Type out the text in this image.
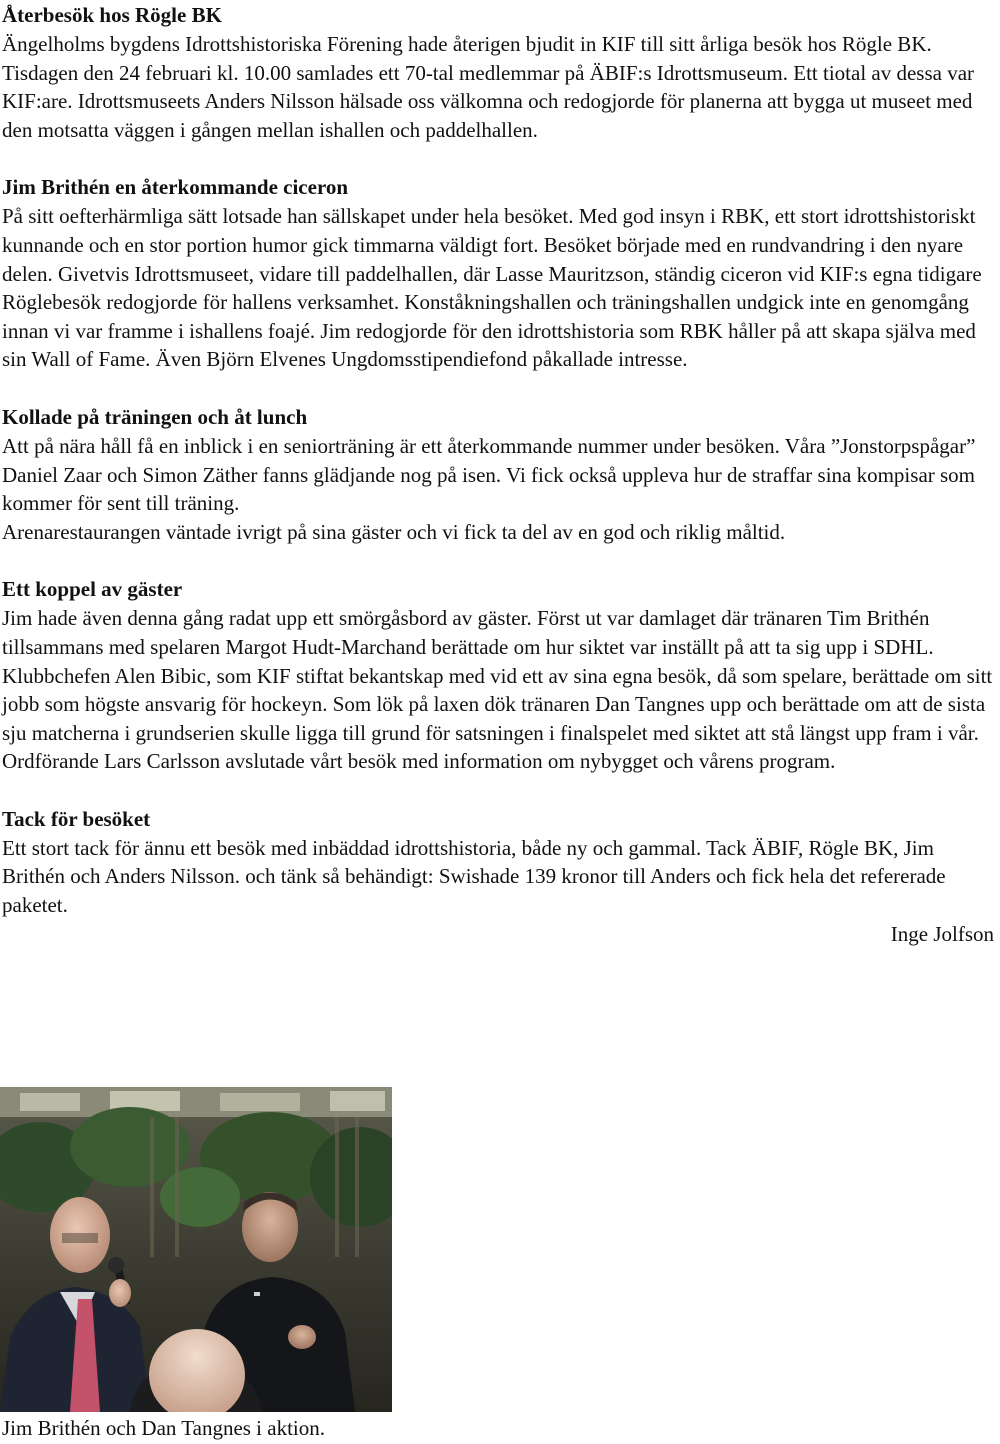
Återbesök hos Rögle BK

Ängelholms bygdens Idrottshistoriska Förening hade återigen bjudit in KIF till sitt årliga besök hos Rögle BK. Tisdagen den 24 februari kl. 10.00 samlades ett 70-tal medlemmar på ÄBIF:s Idrottsmuseum. Ett tiotal av dessa var KIF:are. Idrottsmuseets Anders Nilsson hälsade oss välkomna och redogjorde för planerna att bygga ut museet med den motsatta väggen i gången mellan ishallen och paddelhallen.

Jim Brithén en återkommande ciceron

På sitt oefterhärmliga sätt lotsade han sällskapet under hela besöket. Med god insyn i RBK, ett stort idrottshistoriskt kunnande och en stor portion humor gick timmarna väldigt fort. Besöket började med en rundvandring i den nyare delen. Givetvis Idrottsmuseet, vidare till paddelhallen, där Lasse Mauritzson, ständig ciceron vid KIF:s egna tidigare Röglebesök redogjorde för hallens verksamhet. Konståkningshallen och träningshallen undgick inte en genomgång innan vi var framme i ishallens foajé. Jim redogjorde för den idrottshistoria som RBK håller på att skapa själva med sin Wall of Fame. Även Björn Elvenes Ungdomsstipendiefond påkallade intresse.

Kollade på träningen och åt lunch

Att på nära håll få en inblick i en seniorträning är ett återkommande nummer under besöken. Våra ”Jonstorpspågar” Daniel Zaar och Simon Zäther fanns glädjande nog på isen. Vi fick också uppleva hur de straffar sina kompisar som kommer för sent till träning.

Arenarestaurangen väntade ivrigt på sina gäster och vi fick ta del av en god och riklig måltid.

Ett koppel av gäster

Jim hade även denna gång radat upp ett smörgåsbord av gäster. Först ut var damlaget där tränaren Tim Brithén tillsammans med spelaren Margot Hudt-Marchand berättade om hur siktet var inställt på att ta sig upp i SDHL.

Klubbchefen Alen Bibic, som KIF stiftat bekantskap med vid ett av sina egna besök, då som spelare, berättade om sitt jobb som högste ansvarig för hockeyn. Som lök på laxen dök tränaren Dan Tangnes upp och berättade om att de sista sju matcherna i grundserien skulle ligga till grund för satsningen i finalspelet med siktet att stå längst upp fram i vår. Ordförande Lars Carlsson avslutade vårt besök med information om nybygget och vårens program.

Tack för besöket

Ett stort tack för ännu ett besök med inbäddad idrottshistoria, både ny och gammal. Tack ÄBIF, Rögle BK, Jim Brithén och Anders Nilsson. och tänk så behändigt: Swishade 139 kronor till Anders och fick hela det refererade paketet.

Inge Jolfson

Jim Brithén och Dan Tangnes i aktion.
